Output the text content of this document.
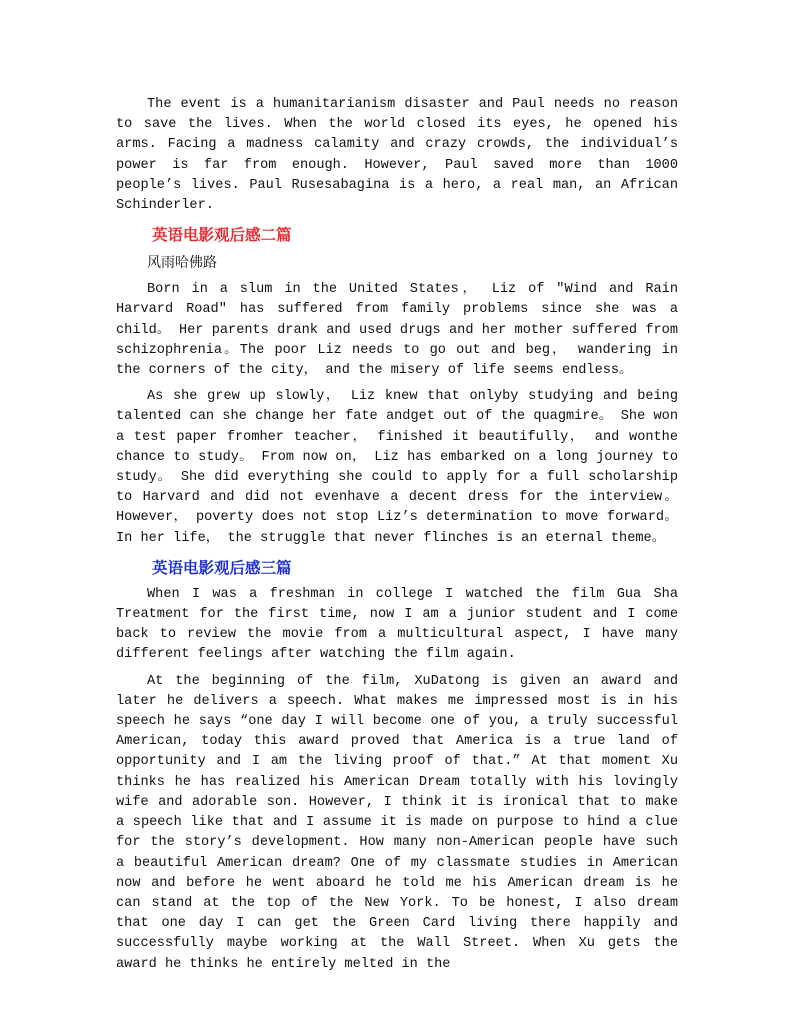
The event is a humanitarianism disaster and Paul needs no reason to save the lives. When the world closed its eyes, he opened his arms. Facing a madness calamity and crazy crowds, the individual’s power is far from enough. However, Paul saved more than 1000 people’s lives. Paul Rusesabagina is a hero, a real man, an African Schinderler.

英语电影观后感二篇
风雨哈佛路

Born in a slum in the United States， Liz of ″Wind and Rain Harvard Road″ has suffered from family problems since she was a child。 Her parents drank and used drugs and her mother suffered from schizophrenia。The poor Liz needs to go out and beg， wandering in the corners of the city， and the misery of life seems endless。

As she grew up slowly， Liz knew that onlyby studying and being talented can she change her fate andget out of the quagmire。 She won a test paper fromher teacher， finished it beautifully， and wonthe chance to study。 From now on， Liz has embarked on a long journey to study。 She did everything she could to apply for a full scholarship to Harvard and did not evenhave a decent dress for the interview。 However， poverty does not stop Liz’s determination to move forward。 In her life， the struggle that never flinches is an eternal theme。

英语电影观后感三篇

When I was a freshman in college I watched the film Gua Sha Treatment for the first time, now I am a junior student and I come back to review the movie from a multicultural aspect, I have many different feelings after watching the film again.

At the beginning of the film, XuDatong is given an award and later he delivers a speech. What makes me impressed most is in his speech he says “one day I will become one of you, a truly successful American, today this award proved that America is a true land of opportunity and I am the living proof of that.” At that moment Xu thinks he has realized his American Dream totally with his lovingly wife and adorable son. However, I think it is ironical that to make a speech like that and I assume it is made on purpose to hind a clue for the story’s development. How many non-American people have such a beautiful American dream? One of my classmate studies in American now and before he went aboard he told me his American dream is he can stand at the top of the New York. To be honest, I also dream that one day I can get the Green Card living there happily and successfully maybe working at the Wall Street. When Xu gets the award he thinks he entirely melted in the
